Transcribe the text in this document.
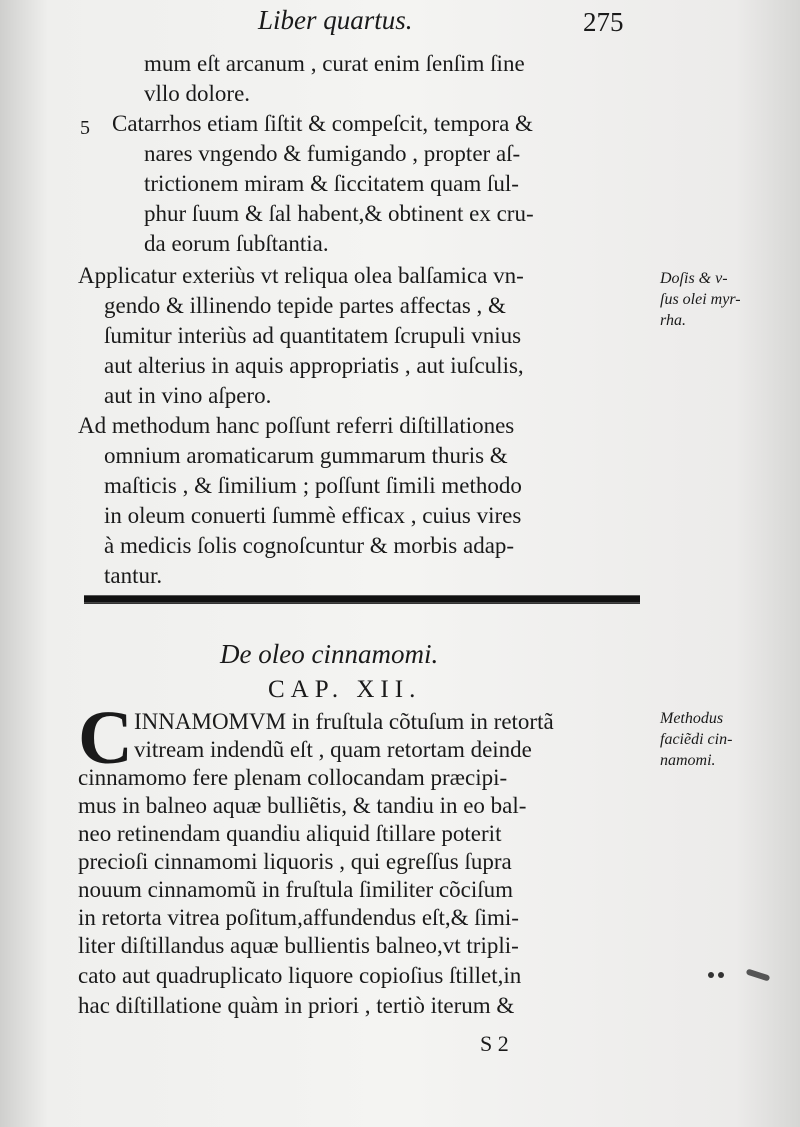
Liber quartus.	275
mum eſt arcanum , curat enim ſenſim ſine
vllo dolore.
5 Catarrhos etiam ſiſtit & compeſcit, tempora &
nares vngendo & fumigando , propter aſ-
trictionem miram & ſiccitatem quam ſul-
phur ſuum & ſal habent,& obtinent ex cru-
da eorum ſubſtantia.
Applicatur exteriùs vt reliqua olea balſamica vn-
gendo & illinendo tepide partes affectas , &
ſumitur interiùs ad quantitatem ſcrupuli vnius
aut alterius in aquis appropriatis , aut iuſculis,
aut in vino aſpero.
Ad methodum hanc poſſunt referri diſtillationes
omnium aromaticarum gummarum thuris &
maſticis , & ſimilium ; poſſunt ſimili methodo
in oleum conuerti ſummè efficax , cuius vires
à medicis ſolis cognoſcuntur & morbis adap-
tantur.
Doſis & v-
ſus olei myr-
rha.
De oleo cinnamomi.
CAP. XII.
C INNAMOMVM in fruſtula cõtuſum in retortã
vitream indendũ eſt , quam retortam deinde
cinnamomo fere plenam collocandam præcipi-
mus in balneo aquæ bulliẽtis, & tandiu in eo bal-
neo retinendam quandiu aliquid ſtillare poterit
precioſi cinnamomi liquoris , qui egreſſus ſupra
nouum cinnamomũ in fruſtula ſimiliter cõciſum
in retorta vitrea poſitum,affundendus eſt,& ſimi-
liter diſtillandus aquæ bullientis balneo,vt tripli-
cato aut quadruplicato liquore copioſius ſtillet,in
hac diſtillatione quàm in priori , tertiò iterum &
Methodus
faciẽdi cin-
namomi.
S 2
